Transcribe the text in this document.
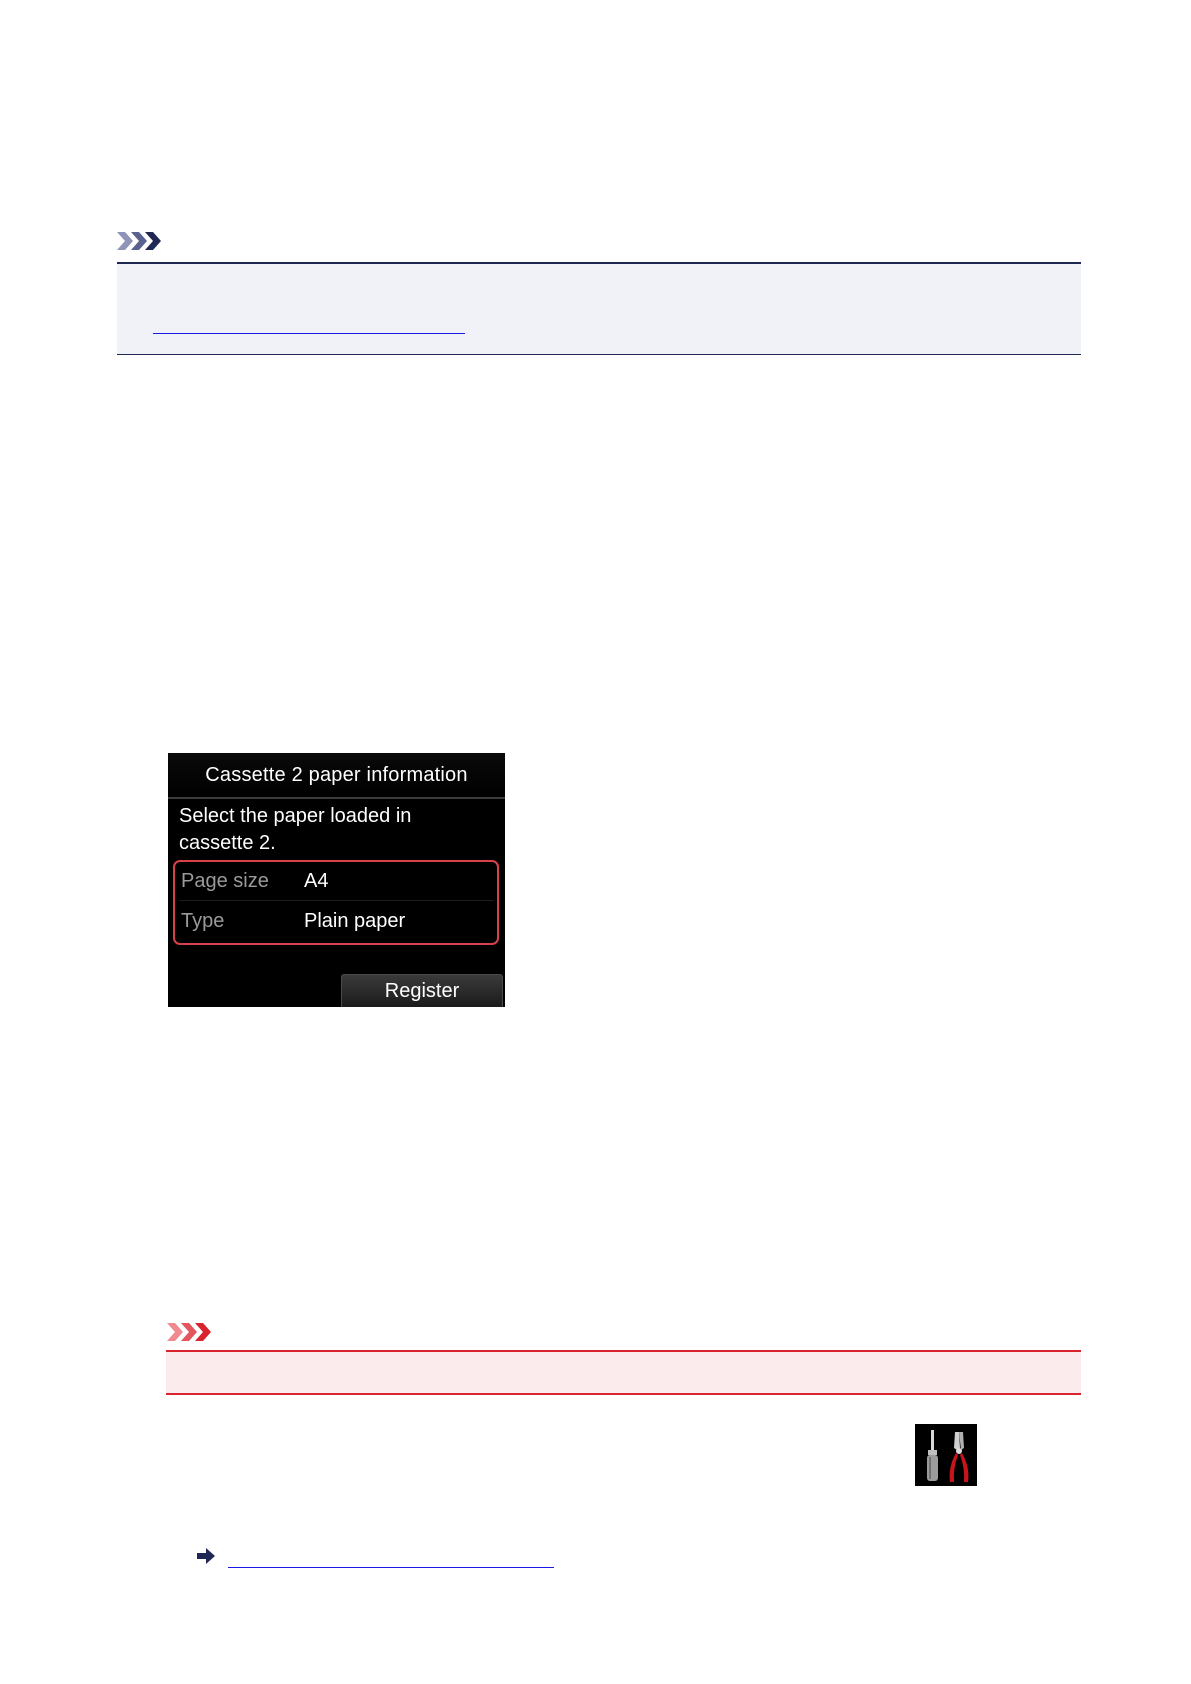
Cassette 2 paper information
Select the paper loaded in
cassette 2.
Page size A4
Type	Plain paper
Register
